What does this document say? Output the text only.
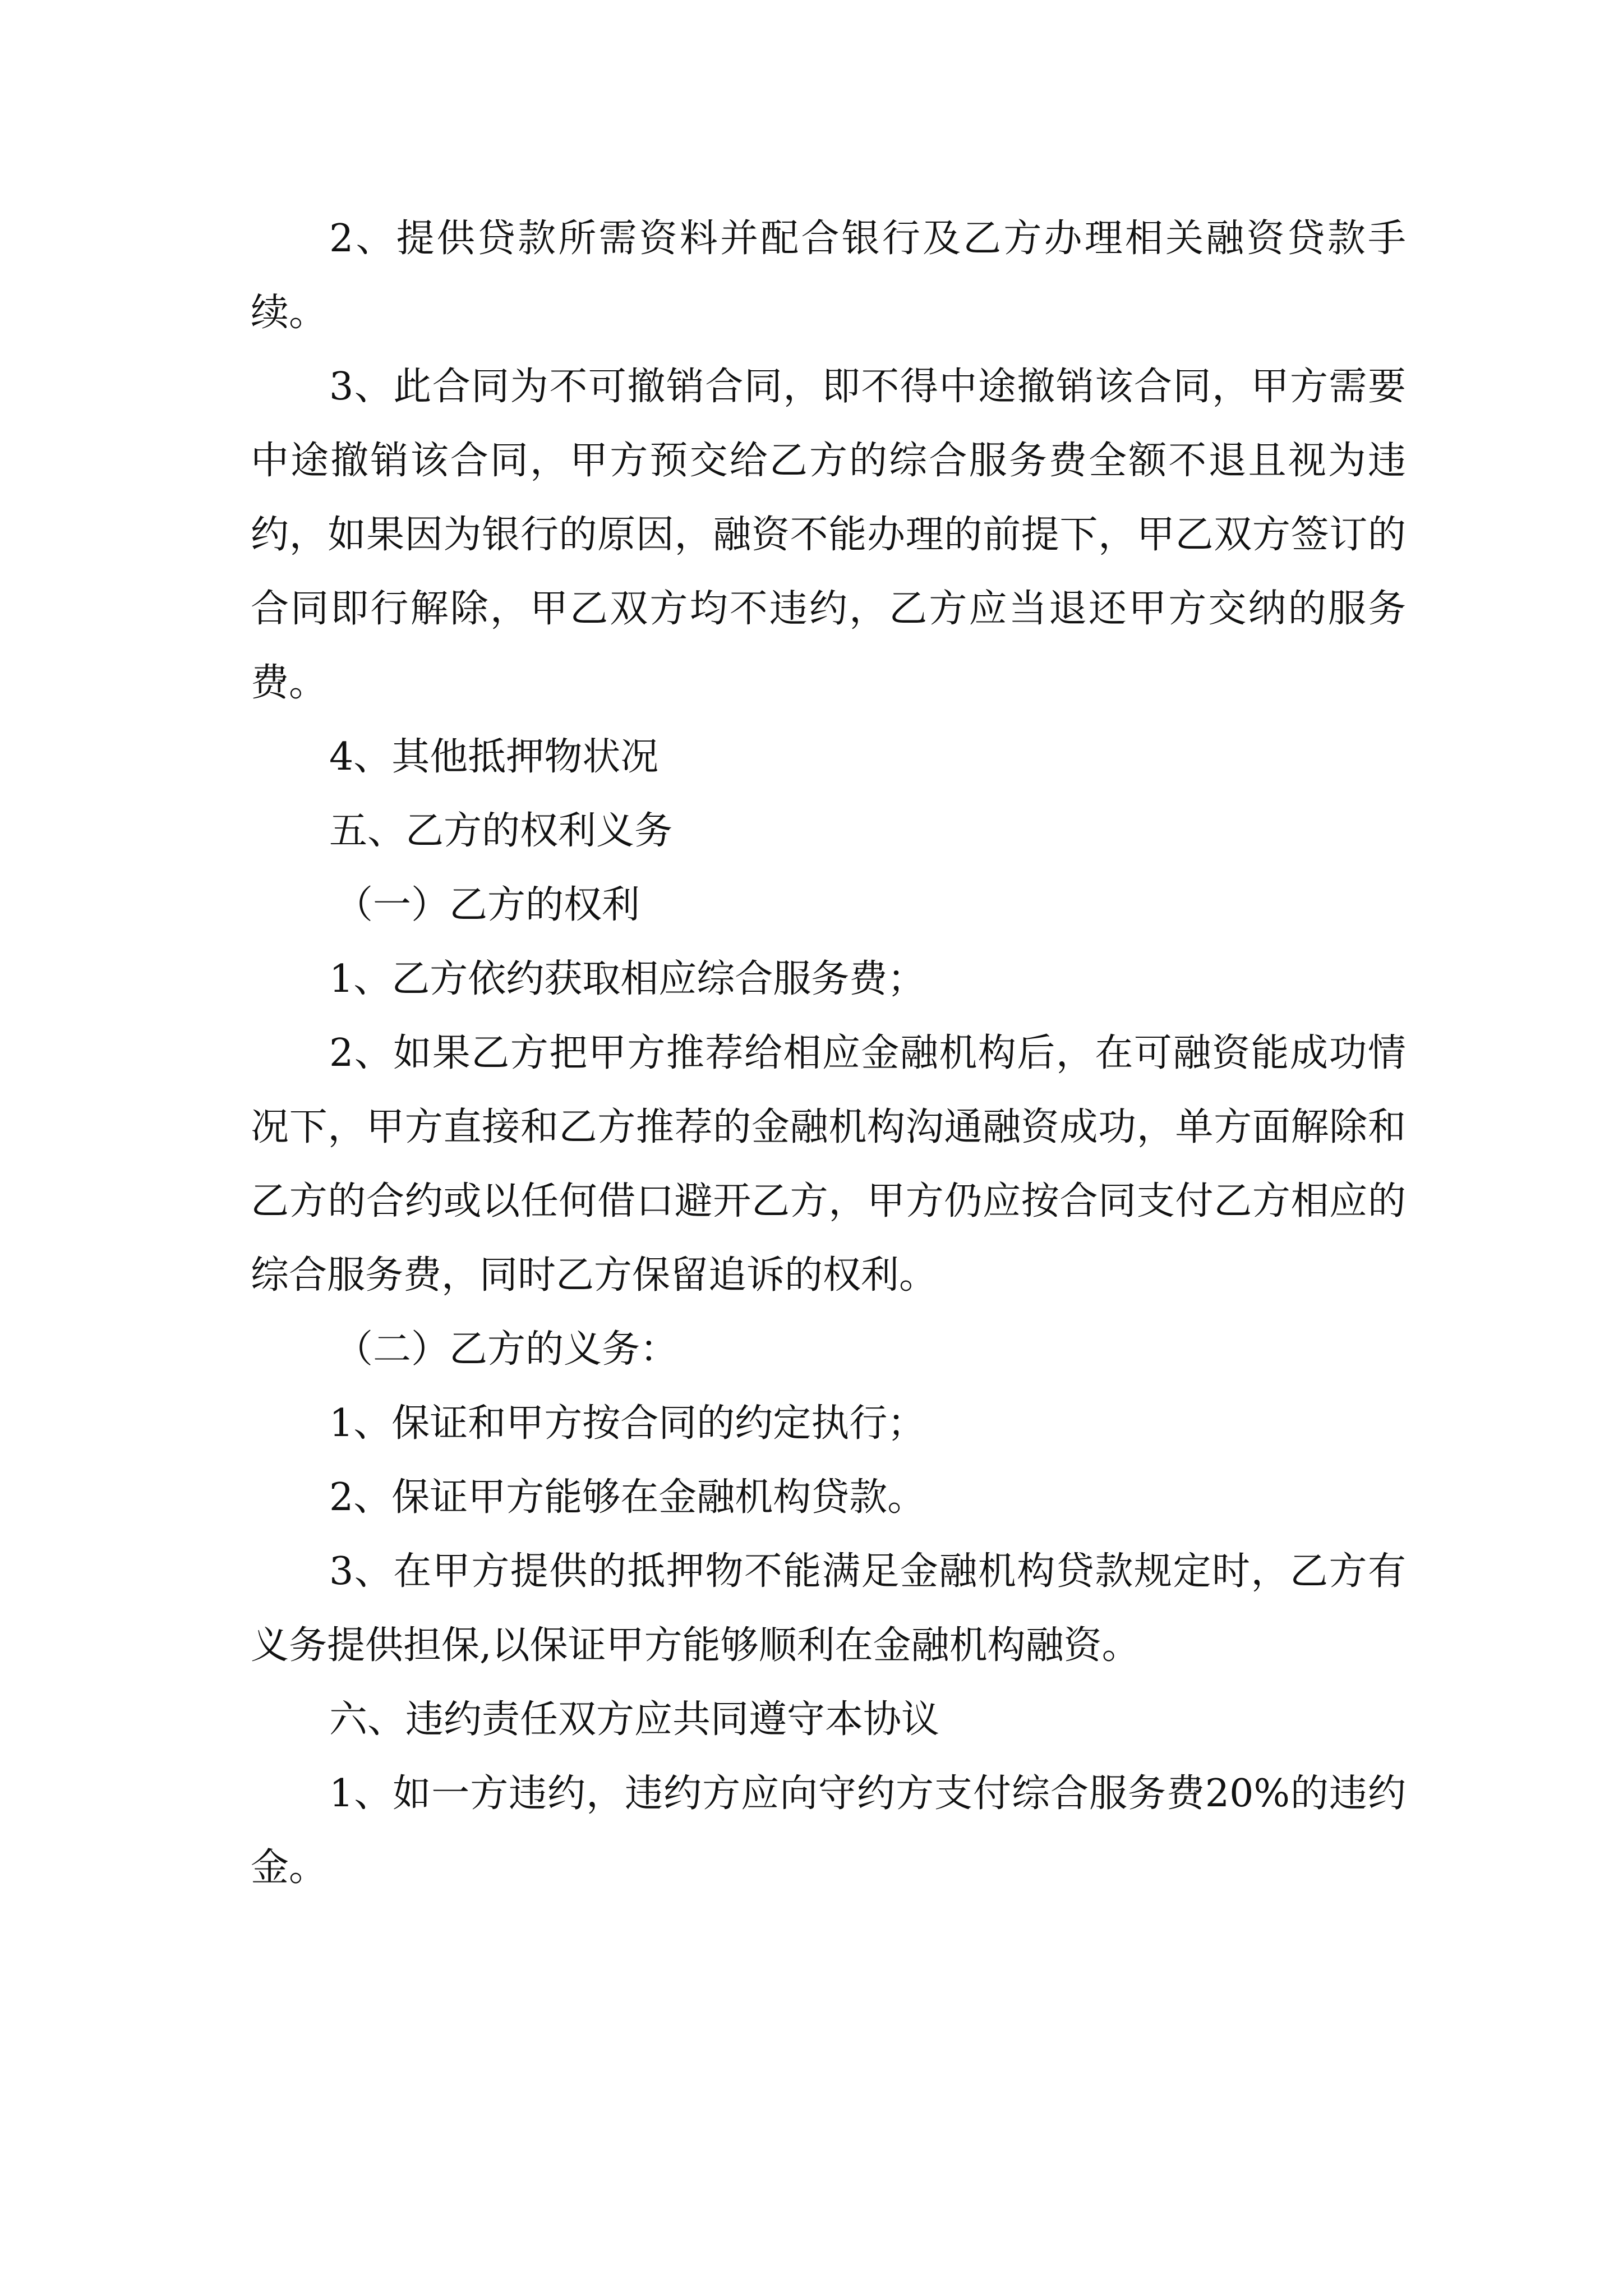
2、提供贷款所需资料并配合银行及乙方办理相关融资贷款手续。

3、此合同为不可撤销合同，即不得中途撤销该合同，甲方需要中途撤销该合同，甲方预交给乙方的综合服务费全额不退且视为违约，如果因为银行的原因，融资不能办理的前提下，甲乙双方签订的合同即行解除，甲乙双方均不违约，乙方应当退还甲方交纳的服务费。

4、其他抵押物状况

五、乙方的权利义务

（一）乙方的权利

1、乙方依约获取相应综合服务费；

2、如果乙方把甲方推荐给相应金融机构后，在可融资能成功情况下，甲方直接和乙方推荐的金融机构沟通融资成功，单方面解除和乙方的合约或以任何借口避开乙方，甲方仍应按合同支付乙方相应的综合服务费，同时乙方保留追诉的权利。

（二）乙方的义务：

1、保证和甲方按合同的约定执行；

2、保证甲方能够在金融机构贷款。

3、在甲方提供的抵押物不能满足金融机构贷款规定时，乙方有义务提供担保,以保证甲方能够顺利在金融机构融资。

六、违约责任双方应共同遵守本协议

1、如一方违约，违约方应向守约方支付综合服务费20%的违约金。
